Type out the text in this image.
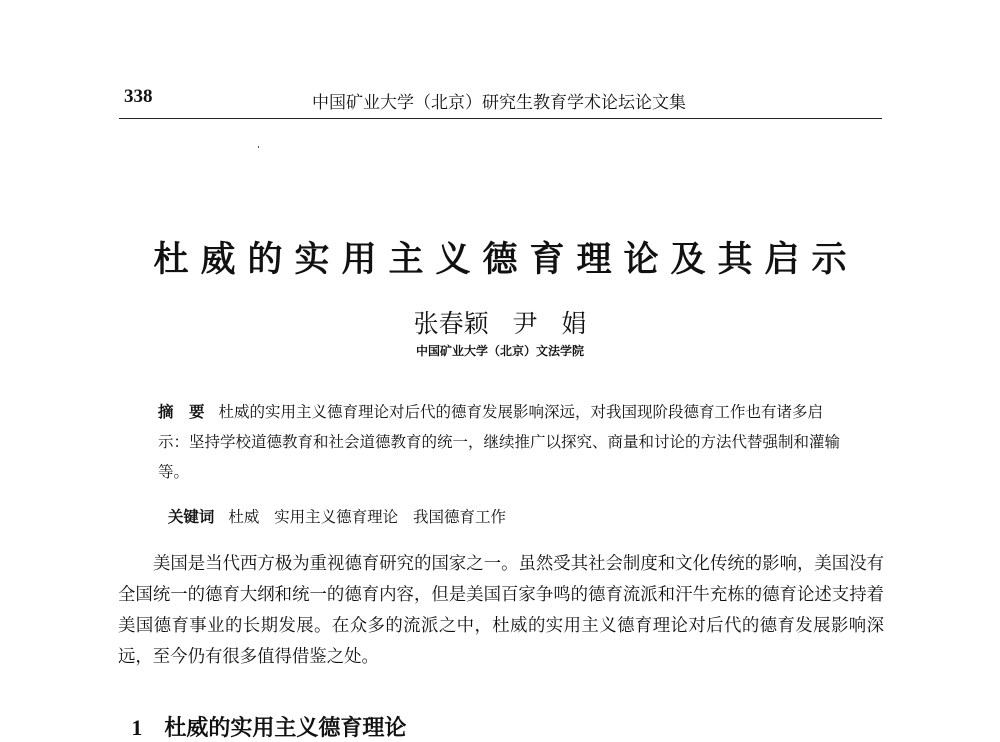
338	中国矿业大学（北京）研究生教育学术论坛论文集
杜威的实用主义德育理论及其启示
张春颖   尹   娟
中国矿业大学（北京）文法学院
摘　要 杜威的实用主义德育理论对后代的德育发展影响深远，对我国现阶段德育工作也有诸多启示：坚持学校道德教育和社会道德教育的统一，继续推广以探究、商量和讨论的方法代替强制和灌输等。

关键词 杜威   实用主义德育理论   我国德育工作

美国是当代西方极为重视德育研究的国家之一。虽然受其社会制度和文化传统的影响，美国没有全国统一的德育大纲和统一的德育内容，但是美国百家争鸣的德育流派和汗牛充栋的德育论述支持着美国德育事业的长期发展。在众多的流派之中，杜威的实用主义德育理论对后代的德育发展影响深远，至今仍有很多值得借鉴之处。

1 杜威的实用主义德育理论
